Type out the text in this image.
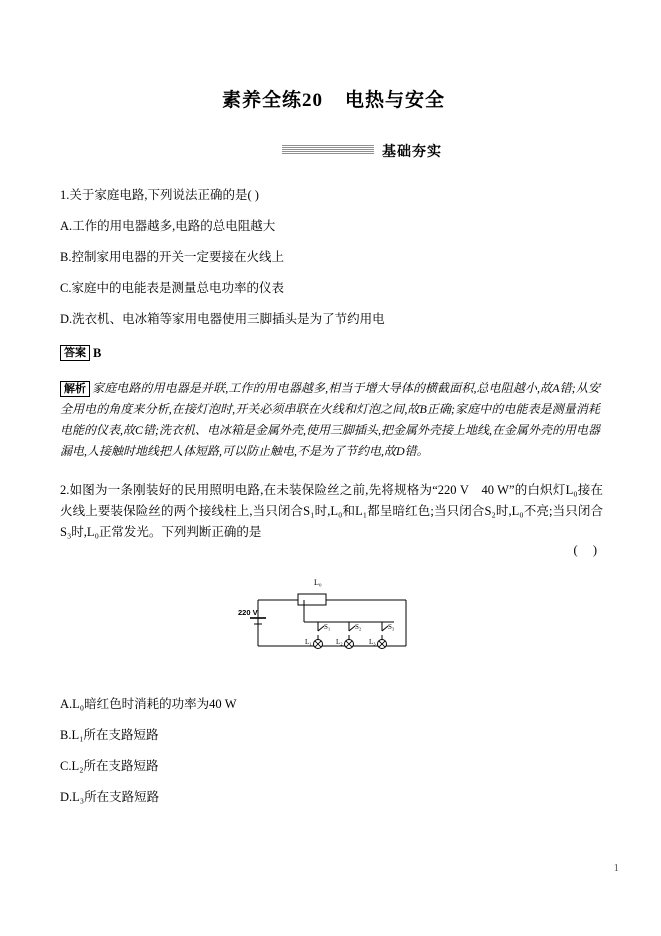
素养全练20 电热与安全
基础夯实
1.关于家庭电路,下列说法正确的是( )
A.工作的用电器越多,电路的总电阻越大
B.控制家用电器的开关一定要接在火线上
C.家庭中的电能表是测量总电功率的仪表
D.洗衣机、电冰箱等家用电器使用三脚插头是为了节约用电
答案 B
解析 家庭电路的用电器是并联,工作的用电器越多,相当于增大导体的横截面积,总电阻越小,故A错;从安全用电的角度来分析,在接灯泡时,开关必须串联在火线和灯泡之间,故B正确;家庭中的电能表是测量消耗电能的仪表,故C错;洗衣机、电冰箱是金属外壳,使用三脚插头,把金属外壳接上地线,在金属外壳的用电器漏电,人接触时地线把人体短路,可以防止触电,不是为了节约电,故D错。
2.如图为一条刚装好的民用照明电路,在未装保险丝之前,先将规格为“220 V　40 W”的白炽灯L₀接在火线上要装保险丝的两个接线柱上,当只闭合S₁时,L₀和L₁都呈暗红色;当只闭合S₂时,L₀不亮;当只闭合S₃时,L₀正常发光。下列判断正确的是
( )
L₀
220 V
S₁	S₂	S₃
L₁	L₂	L₃
A.L₀暗红色时消耗的功率为40 W
B.L₁所在支路短路
C.L₂所在支路短路
D.L₃所在支路短路
1
